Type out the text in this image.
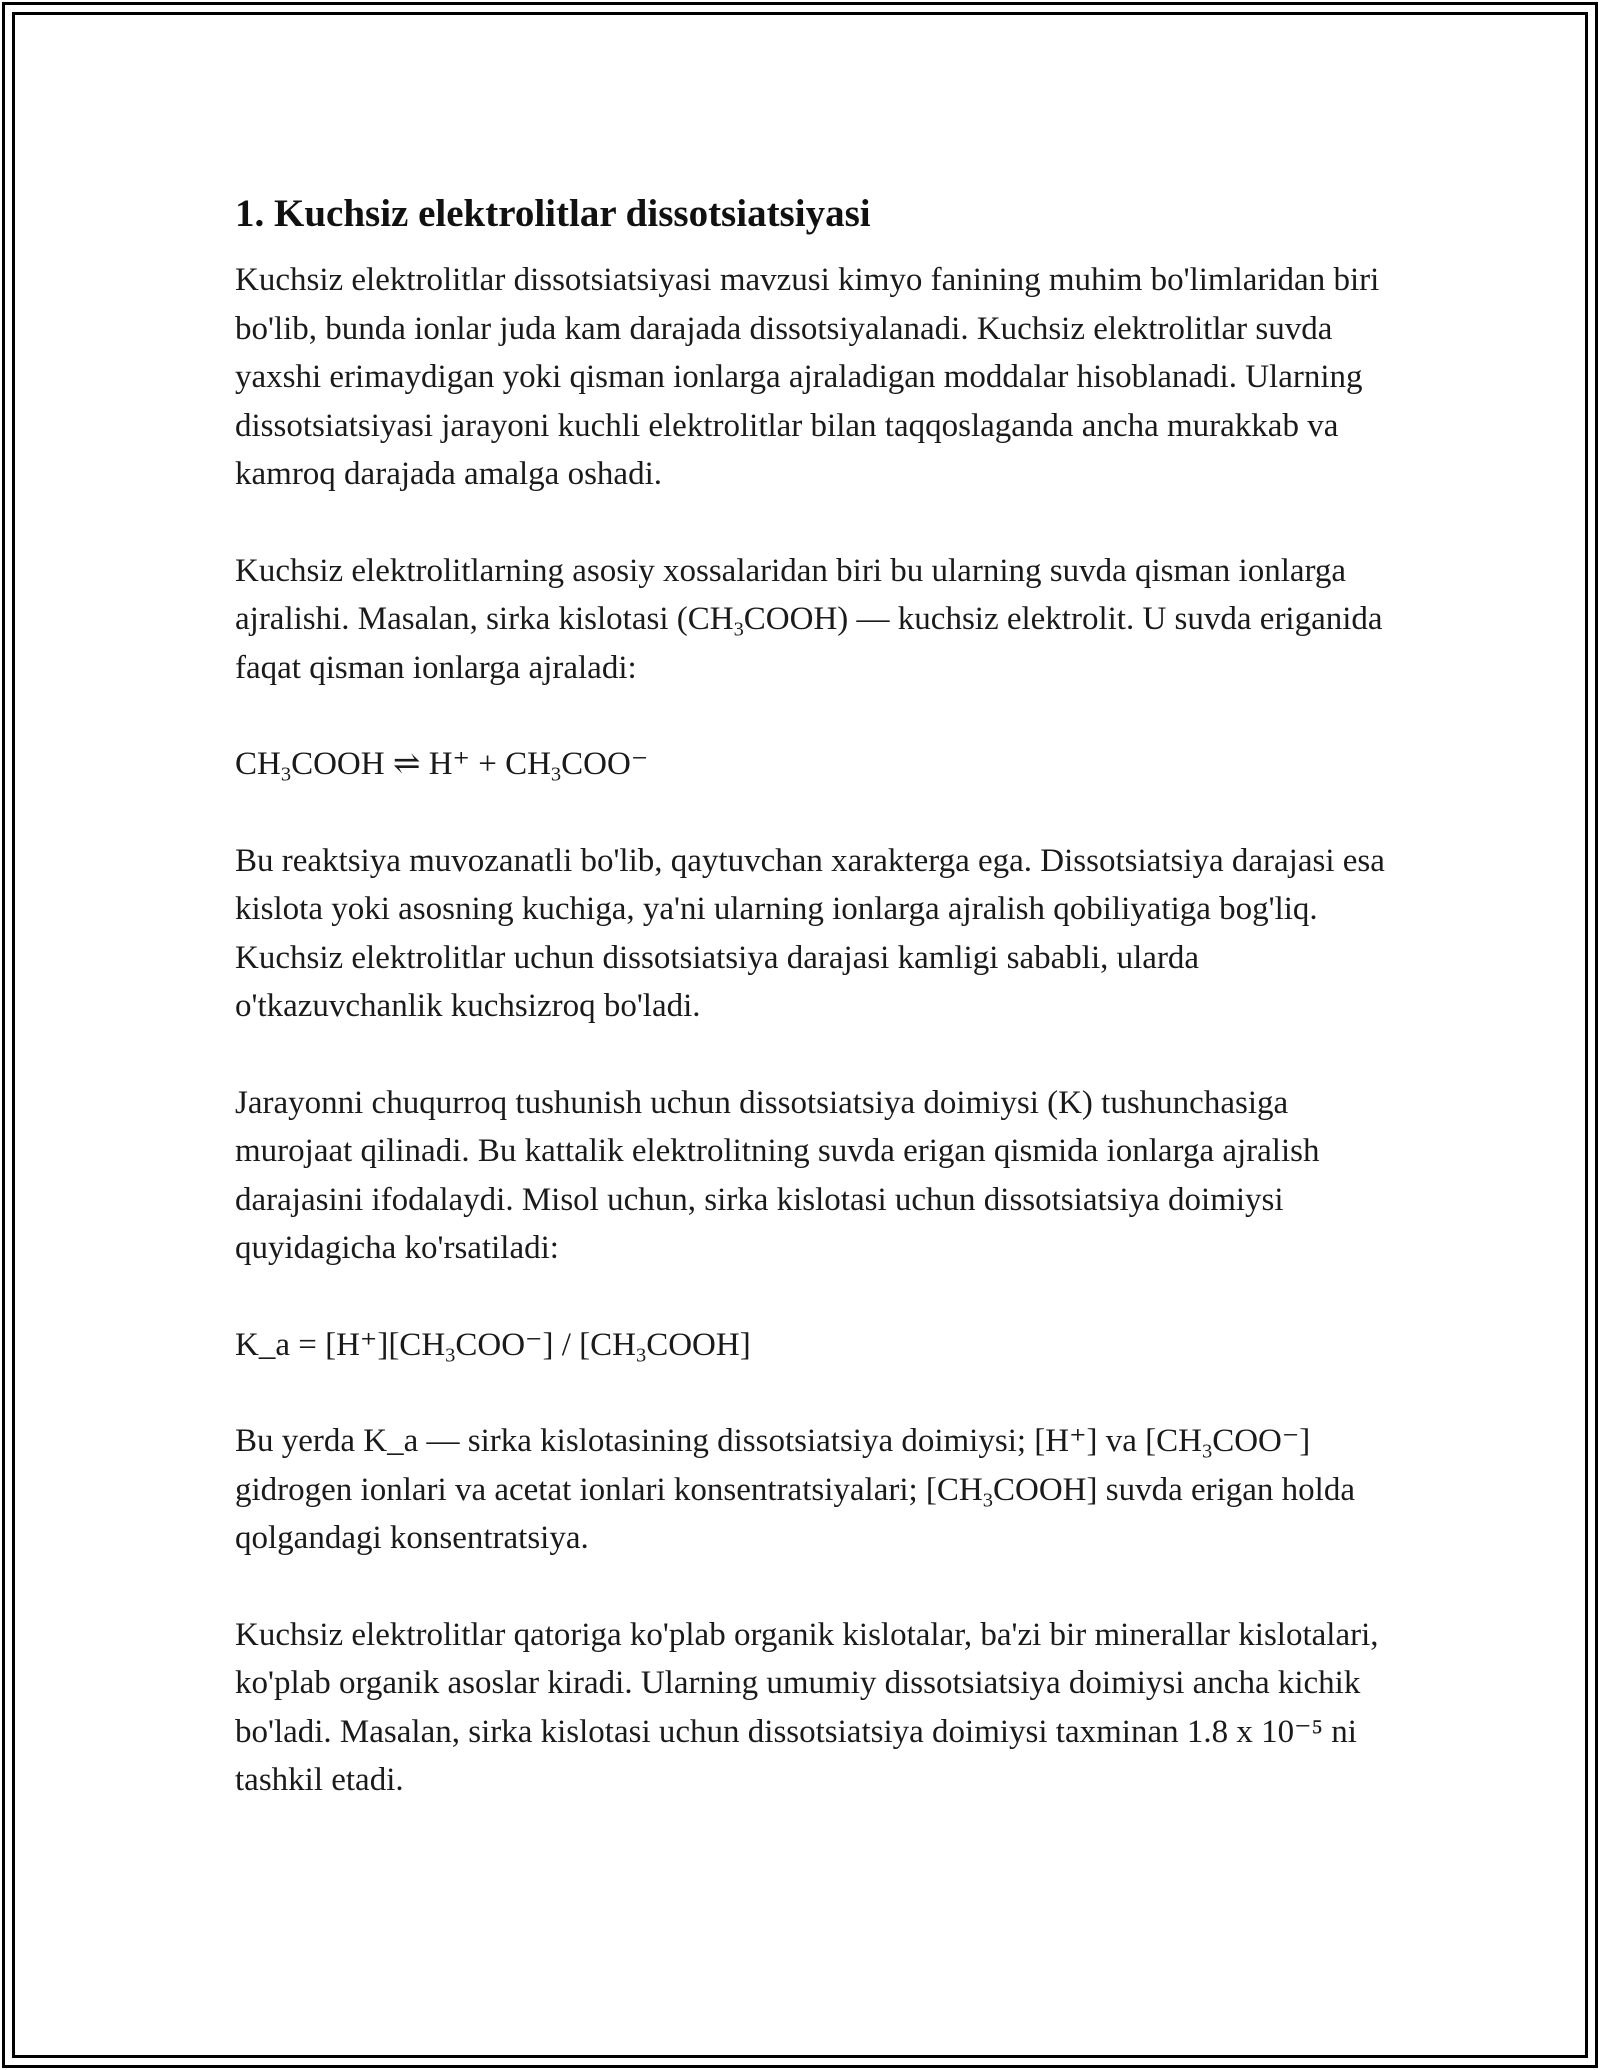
1. Kuchsiz elektrolitlar dissotsiatsiyasi

Kuchsiz elektrolitlar dissotsiatsiyasi mavzusi kimyo fanining muhim bo'limlaridan biri bo'lib, bunda ionlar juda kam darajada dissotsiyalanadi. Kuchsiz elektrolitlar suvda yaxshi erimaydigan yoki qisman ionlarga ajraladigan moddalar hisoblanadi. Ularning dissotsiatsiyasi jarayoni kuchli elektrolitlar bilan taqqoslaganda ancha murakkab va kamroq darajada amalga oshadi.

Kuchsiz elektrolitlarning asosiy xossalaridan biri bu ularning suvda qisman ionlarga ajralishi. Masalan, sirka kislotasi $(CH_3COOH)$ — kuchsiz elektrolit. U suvda eriganida faqat qisman ionlarga ajraladi:

$CH_3COOH$ ⇌ $H^+ + CH_3COO^-$

Bu reaktsiya muvozanatli bo'lib, qaytuvchan xarakterga ega. Dissotsiatsiya darajasi esa kislota yoki asosning kuchiga, ya'ni ularning ionlarga ajralish qobiliyatiga bog'liq. Kuchsiz elektrolitlar uchun dissotsiatsiya darajasi kamligi sababli, ularda o'tkazuvchanlik kuchsizroq bo'ladi.

Jarayonni chuqurroq tushunish uchun dissotsiatsiya doimiysi (K) tushunchasiga murojaat qilinadi. Bu kattalik elektrolitning suvda erigan qismida ionlarga ajralish darajasini ifodalaydi. Misol uchun, sirka kislotasi uchun dissotsiatsiya doimiysi quyidagicha ko'rsatiladi:

K_a = $[H^+][CH_3COO^-]$ / $[CH_3COOH]$

Bu yerda K_a — sirka kislotasining dissotsiatsiya doimiysi; [H⁺] va $[CH_3COO^-]$ gidrogen ionlari va acetat ionlari konsentratsiyalari; $[CH_3COOH]$ suvda erigan holda qolgandagi konsentratsiya.

Kuchsiz elektrolitlar qatoriga ko'plab organik kislotalar, ba'zi bir minerallar kislotalari, ko'plab organik asoslar kiradi. Ularning umumiy dissotsiatsiya doimiysi ancha kichik bo'ladi. Masalan, sirka kislotasi uchun dissotsiatsiya doimiysi taxminan 1.8 x 10⁻⁵ ni tashkil etadi.
